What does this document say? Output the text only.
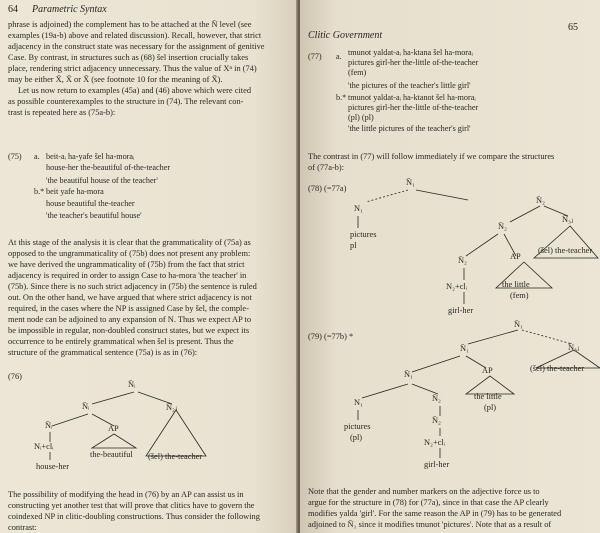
64 Parametric Syntax
phrase is adjoined) the complement has to be attached at the N̄ level (see
examples (19a-b) above and related discussion). Recall, however, that strict
adjacency in the construct state was necessary for the assignment of genitive
Case. By contrast, in structures such as (68) šel insertion crucially takes
place, rendering strict adjacency unnecessary. Thus the value of Xⁿ in (74)
may be either X̄, X̄ or X̄ (see footnote 10 for the meaning of X̄).
Let us now return to examples (45a) and (46) above which were cited
as possible counterexamples to the structure in (74). The relevant con-
trast is repeated here as (75a-b):
(75) a. beit-aᵢ ha-yafe šel ha-moraᵢ
house-her the-beautiful of-the-teacher
'the beautiful house of the teacher'
b.* beit yafe ha-mora
house beautiful the-teacher
'the teacher's beautiful house'
At this stage of the analysis it is clear that the grammaticality of (75a) as
opposed to the ungrammaticality of (75b) does not present any problem:
we have derived the ungrammaticality of (75b) from the fact that strict
adjacency is required in order to assign Case to ha-mora 'the teacher' in
(75b). Since there is no such strict adjacency in (75b) the sentence is ruled
out. On the other hand, we have argued that where strict adjacency is not
required, in the cases where the NP is assigned Case by šel, the comple-
ment node can be adjoined to any expansion of N. Thus we expect AP to
be impossible in regular, non-doubled construct states, but we expect its
occurrence to be entirely grammatical when šel is present. Thus the
structure of the grammatical sentence (75a) is as in (76):
(76)
N̄ᵢ
N̄ᵢ	N̄₂ⱼ
N̄ᵢ	AP
Nᵢ+clᵢ
house-her
the-beautiful (šel) the-teacher
The possibility of modifying the head in (76) by an AP can assist us in
constructing yet another test that will prove that clitics have to govern the
coindexed NP in clitic-doubling constructions. Thus consider the following
contrast:
Clitic Government
65
(77) a. tmunot yaldat-aᵢ ha-ktana šel ha-moraᵢ
pictures girl-her the-little of-the-teacher
(fem)
'the pictures of the teacher's little girl'
b.* tmunot yaldat-aᵢ ha-ktanot šel ha-moraᵢ
pictures girl-her the-little of-the-teacher
(pl) (pl)
'the little pictures of the teacher's girl'
The contrast in (77) will follow immediately if we compare the structures
of (77a-b):
(78) (=77a)
N̄₁
N₁
pictures
pl
N̄₂
N̄₂
N̄₃ⱼ
N̄₂	AP
N₂+clᵢ	the little
(fem)
girl-her
(šel) the-teacher
(79) (=77b) *
N̄₁
N̄₁	N̄₃ⱼ
N̄₁	AP	(šel) the-teacher
N₁	N̄₂	the little
(pl)
pictures
(pl)
N̄₂
N₂+clᵢ
girl-her
Note that the gender and number markers on the adjective force us to
argue for the structure in (78) for (77a), since in that case the AP clearly
modifies yalda 'girl'. For the same reason the AP in (79) has to be generated
adjoined to N̄₁ since it modifies tmunot 'pictures'. Note that as a result of
